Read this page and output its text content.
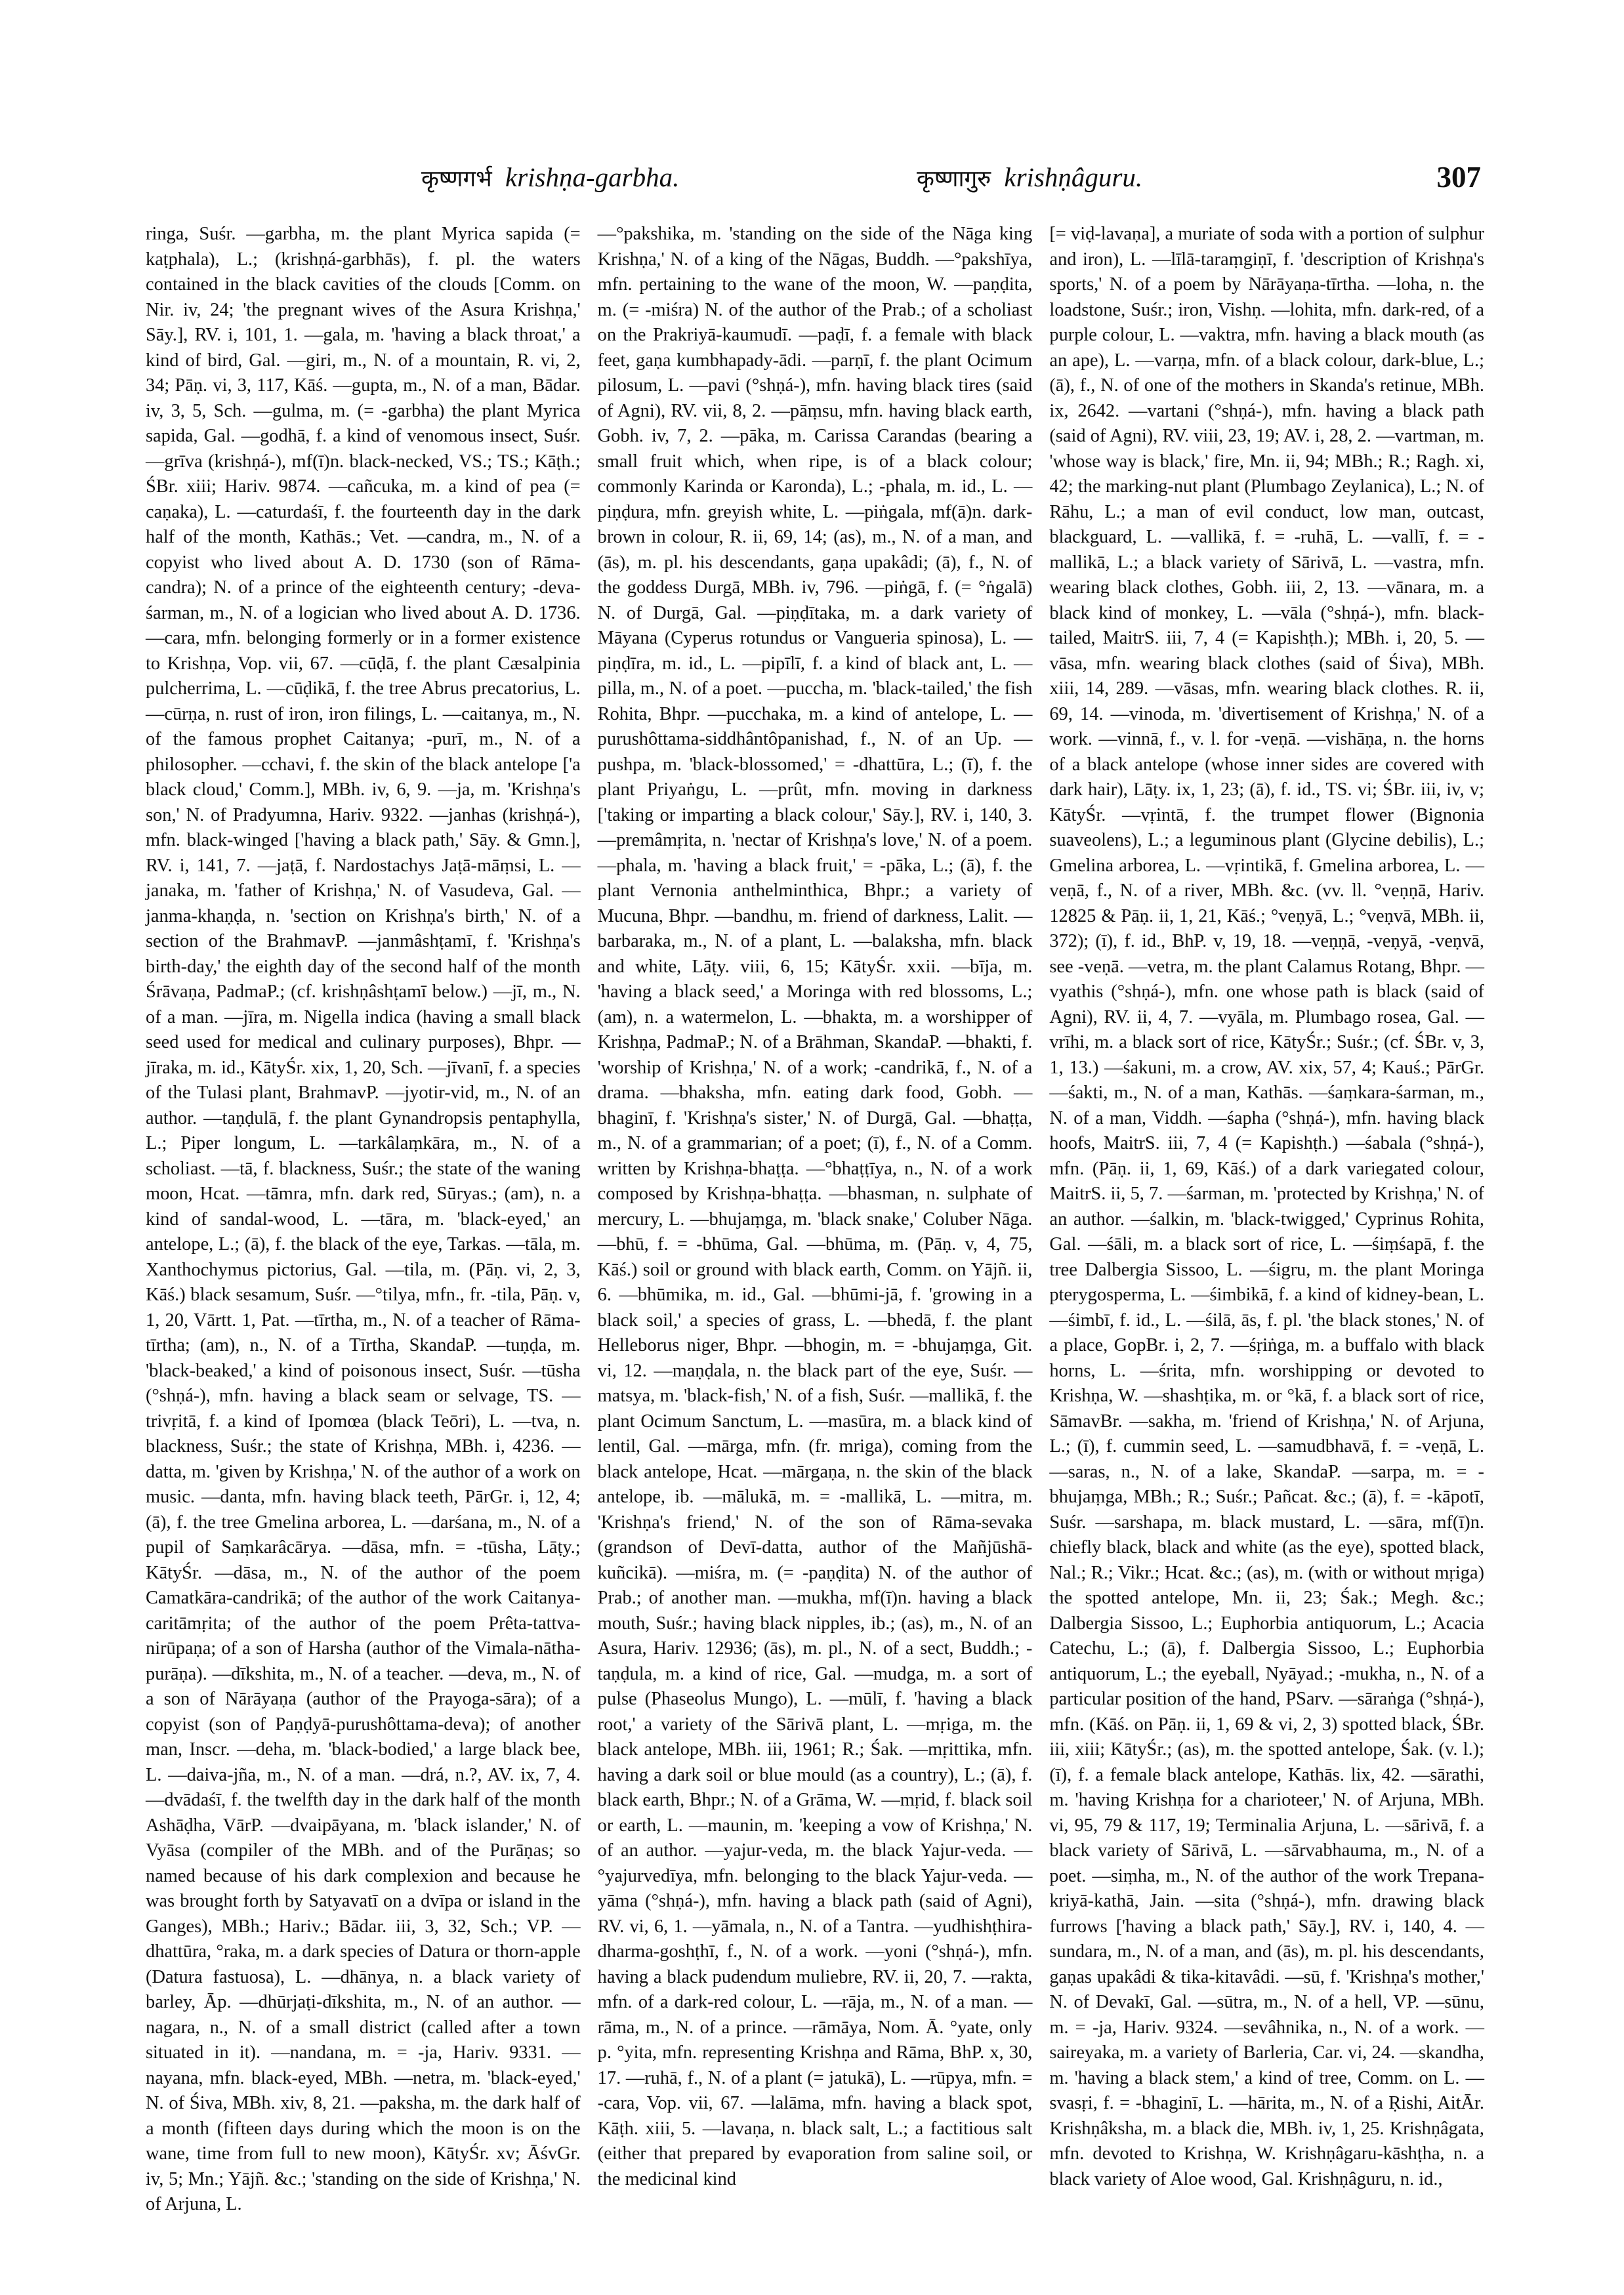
कृष्णगर्भ krishṇa-garbha.	कृष्णागुरु krishṇâguru.	307

ringa, Suśr. —garbha, m. the plant Myrica sapida (= kaṭphala), L.; (krishṇá-garbhās), f. pl. the waters contained in the black cavities of the clouds [Comm. on Nir. iv, 24; 'the pregnant wives of the Asura Krishṇa,' Sāy.], RV. i, 101, 1. —gala, m. 'having a black throat,' a kind of bird, Gal. —giri, m., N. of a mountain, R. vi, 2, 34; Pāṇ. vi, 3, 117, Kāś. —gupta, m., N. of a man, Bādar. iv, 3, 5, Sch. —gulma, m. (= -garbha) the plant Myrica sapida, Gal. —godhā, f. a kind of venomous insect, Suśr. —grīva (krishṇá-), mf(ī)n. black-necked, VS.; TS.; Kāṭh.; ŚBr. xiii; Hariv. 9874. —cañcuka, m. a kind of pea (= caṇaka), L. —caturdaśī, f. the fourteenth day in the dark half of the month, Kathās.; Vet. —candra, m., N. of a copyist who lived about A. D. 1730 (son of Rāma-candra); N. of a prince of the eighteenth century; -deva-śarman, m., N. of a logician who lived about A. D. 1736. —cara, mfn. belonging formerly or in a former existence to Krishṇa, Vop. vii, 67. —cūḍā, f. the plant Cæsalpinia pulcherrima, L. —cūḍikā, f. the tree Abrus precatorius, L. —cūrṇa, n. rust of iron, iron filings, L. —caitanya, m., N. of the famous prophet Caitanya; -purī, m., N. of a philosopher. —cchavi, f. the skin of the black antelope ['a black cloud,' Comm.], MBh. iv, 6, 9. —ja, m. 'Krishṇa's son,' N. of Pradyumna, Hariv. 9322. —janhas (krishṇá-), mfn. black-winged ['having a black path,' Sāy. & Gmn.], RV. i, 141, 7. —jaṭā, f. Nardostachys Jaṭā-māṃsi, L. —janaka, m. 'father of Krishṇa,' N. of Vasudeva, Gal. —janma-khaṇḍa, n. 'section on Krishṇa's birth,' N. of a section of the BrahmavP. —janmâshṭamī, f. 'Krishṇa's birth-day,' the eighth day of the second half of the month Śrāvaṇa, PadmaP.; (cf. krishṇâshṭamī below.) —jī, m., N. of a man. —jīra, m. Nigella indica (having a small black seed used for medical and culinary purposes), Bhpr. —jīraka, m. id., KātyŚr. xix, 1, 20, Sch. —jīvanī, f. a species of the Tulasi plant, BrahmavP. —jyotir-vid, m., N. of an author. —taṇḍulā, f. the plant Gynandropsis pentaphylla, L.; Piper longum, L. —tarkâlaṃkāra, m., N. of a scholiast. —tā, f. blackness, Suśr.; the state of the waning moon, Hcat. —tāmra, mfn. dark red, Sūryas.; (am), n. a kind of sandal-wood, L. —tāra, m. 'black-eyed,' an antelope, L.; (ā), f. the black of the eye, Tarkas. —tāla, m. Xanthochymus pictorius, Gal. —tila, m. (Pāṇ. vi, 2, 3, Kāś.) black sesamum, Suśr. —°tilya, mfn., fr. -tila, Pāṇ. v, 1, 20, Vārtt. 1, Pat. —tīrtha, m., N. of a teacher of Rāma-tīrtha; (am), n., N. of a Tīrtha, SkandaP. —tuṇḍa, m. 'black-beaked,' a kind of poisonous insect, Suśr. —tūsha (°shṇá-), mfn. having a black seam or selvage, TS. —trivṛitā, f. a kind of Ipomœa (black Teōri), L. —tva, n. blackness, Suśr.; the state of Krishṇa, MBh. i, 4236. —datta, m. 'given by Krishṇa,' N. of the author of a work on music. —danta, mfn. having black teeth, PārGr. i, 12, 4; (ā), f. the tree Gmelina arborea, L. —darśana, m., N. of a pupil of Saṃkarâcārya. —dāsa, mfn. = -tūsha, Lāṭy.; KātyŚr. —dāsa, m., N. of the author of the poem Camatkāra-candrikā; of the author of the work Caitanya-caritāmṛita; of the author of the poem Prêta-tattva-nirūpaṇa; of a son of Harsha (author of the Vimala-nātha-purāṇa). —dīkshita, m., N. of a teacher. —deva, m., N. of a son of Nārāyaṇa (author of the Prayoga-sāra); of a copyist (son of Paṇḍyā-purushôttama-deva); of another man, Inscr. —deha, m. 'black-bodied,' a large black bee, L. —daiva-jña, m., N. of a man. —drá, n.?, AV. ix, 7, 4. —dvādaśī, f. the twelfth day in the dark half of the month Ashāḍha, VārP. —dvaipāyana, m. 'black islander,' N. of Vyāsa (compiler of the MBh. and of the Purāṇas; so named because of his dark complexion and because he was brought forth by Satyavatī on a dvīpa or island in the Ganges), MBh.; Hariv.; Bādar. iii, 3, 32, Sch.; VP. —dhattūra, °raka, m. a dark species of Datura or thorn-apple (Datura fastuosa), L. —dhānya, n. a black variety of barley, Āp. —dhūrjaṭi-dīkshita, m., N. of an author. —nagara, n., N. of a small district (called after a town situated in it). —nandana, m. = -ja, Hariv. 9331. —nayana, mfn. black-eyed, MBh. —netra, m. 'black-eyed,' N. of Śiva, MBh. xiv, 8, 21. —paksha, m. the dark half of a month (fifteen days during which the moon is on the wane, time from full to new moon), KātyŚr. xv; ĀśvGr. iv, 5; Mn.; Yājñ. &c.; 'standing on the side of Krishṇa,' N. of Arjuna, L.

—°pakshika, m. 'standing on the side of the Nāga king Krishṇa,' N. of a king of the Nāgas, Buddh. —°pakshīya, mfn. pertaining to the wane of the moon, W. —paṇḍita, m. (= -miśra) N. of the author of the Prab.; of a scholiast on the Prakriyā-kaumudī. —paḍī, f. a female with black feet, gaṇa kumbhapady-ādi. —parṇī, f. the plant Ocimum pilosum, L. —pavi (°shṇá-), mfn. having black tires (said of Agni), RV. vii, 8, 2. —pāṃsu, mfn. having black earth, Gobh. iv, 7, 2. —pāka, m. Carissa Carandas (bearing a small fruit which, when ripe, is of a black colour; commonly Karinda or Karonda), L.; -phala, m. id., L. —piṇḍura, mfn. greyish white, L. —piṅgala, mf(ā)n. dark-brown in colour, R. ii, 69, 14; (as), m., N. of a man, and (ās), m. pl. his descendants, gaṇa upakâdi; (ā), f., N. of the goddess Durgā, MBh. iv, 796. —piṅgā, f. (= °ṅgalā) N. of Durgā, Gal. —piṇḍītaka, m. a dark variety of Māyana (Cyperus rotundus or Vangueria spinosa), L. —piṇḍīra, m. id., L. —pipīlī, f. a kind of black ant, L. —pilla, m., N. of a poet. —puccha, m. 'black-tailed,' the fish Rohita, Bhpr. —pucchaka, m. a kind of antelope, L. —purushôttama-siddhântôpanishad, f., N. of an Up. —pushpa, m. 'black-blossomed,' = -dhattūra, L.; (ī), f. the plant Priyaṅgu, L. —prût, mfn. moving in darkness ['taking or imparting a black colour,' Sāy.], RV. i, 140, 3. —premâmṛita, n. 'nectar of Krishṇa's love,' N. of a poem. —phala, m. 'having a black fruit,' = -pāka, L.; (ā), f. the plant Vernonia anthelminthica, Bhpr.; a variety of Mucuna, Bhpr. —bandhu, m. friend of darkness, Lalit. —barbaraka, m., N. of a plant, L. —balaksha, mfn. black and white, Lāṭy. viii, 6, 15; KātyŚr. xxii. —bīja, m. 'having a black seed,' a Moringa with red blossoms, L.; (am), n. a watermelon, L. —bhakta, m. a worshipper of Krishṇa, PadmaP.; N. of a Brāhman, SkandaP. —bhakti, f. 'worship of Krishṇa,' N. of a work; -candrikā, f., N. of a drama. —bhaksha, mfn. eating dark food, Gobh. —bhaginī, f. 'Krishṇa's sister,' N. of Durgā, Gal. —bhaṭṭa, m., N. of a grammarian; of a poet; (ī), f., N. of a Comm. written by Krishṇa-bhaṭṭa. —°bhaṭṭīya, n., N. of a work composed by Krishṇa-bhaṭṭa. —bhasman, n. sulphate of mercury, L. —bhujaṃga, m. 'black snake,' Coluber Nāga. —bhū, f. = -bhūma, Gal. —bhūma, m. (Pāṇ. v, 4, 75, Kāś.) soil or ground with black earth, Comm. on Yājñ. ii, 6. —bhūmika, m. id., Gal. —bhūmi-jā, f. 'growing in a black soil,' a species of grass, L. —bhedā, f. the plant Helleborus niger, Bhpr. —bhogin, m. = -bhujaṃga, Git. vi, 12. —maṇḍala, n. the black part of the eye, Suśr. —matsya, m. 'black-fish,' N. of a fish, Suśr. —mallikā, f. the plant Ocimum Sanctum, L. —masūra, m. a black kind of lentil, Gal. —mārga, mfn. (fr. mriga), coming from the black antelope, Hcat. —mārgaṇa, n. the skin of the black antelope, ib. —mālukā, m. = -mallikā, L. —mitra, m. 'Krishṇa's friend,' N. of the son of Rāma-sevaka (grandson of Devī-datta, author of the Mañjūshā-kuñcikā). —miśra, m. (= -paṇḍita) N. of the author of Prab.; of another man. —mukha, mf(ī)n. having a black mouth, Suśr.; having black nipples, ib.; (as), m., N. of an Asura, Hariv. 12936; (ās), m. pl., N. of a sect, Buddh.; -taṇḍula, m. a kind of rice, Gal. —mudga, m. a sort of pulse (Phaseolus Mungo), L. —mūlī, f. 'having a black root,' a variety of the Sārivā plant, L. —mṛiga, m. the black antelope, MBh. iii, 1961; R.; Śak. —mṛittika, mfn. having a dark soil or blue mould (as a country), L.; (ā), f. black earth, Bhpr.; N. of a Grāma, W. —mṛid, f. black soil or earth, L. —maunin, m. 'keeping a vow of Krishṇa,' N. of an author. —yajur-veda, m. the black Yajur-veda. —°yajurvedīya, mfn. belonging to the black Yajur-veda. —yāma (°shṇá-), mfn. having a black path (said of Agni), RV. vi, 6, 1. —yāmala, n., N. of a Tantra. —yudhishṭhira-dharma-goshṭhī, f., N. of a work. —yoni (°shṇá-), mfn. having a black pudendum muliebre, RV. ii, 20, 7. —rakta, mfn. of a dark-red colour, L. —rāja, m., N. of a man. —rāma, m., N. of a prince. —rāmāya, Nom. Ā. °yate, only p. °yita, mfn. representing Krishṇa and Rāma, BhP. x, 30, 17. —ruhā, f., N. of a plant (= jatukā), L. —rūpya, mfn. = -cara, Vop. vii, 67. —lalāma, mfn. having a black spot, Kāṭh. xiii, 5. —lavaṇa, n. black salt, L.; a factitious salt (either that prepared by evaporation from saline soil, or the medicinal kind

[= viḍ-lavaṇa], a muriate of soda with a portion of sulphur and iron), L. —līlā-taraṃgiṇī, f. 'description of Krishṇa's sports,' N. of a poem by Nārāyaṇa-tīrtha. —loha, n. the loadstone, Suśr.; iron, Vishṇ. —lohita, mfn. dark-red, of a purple colour, L. —vaktra, mfn. having a black mouth (as an ape), L. —varṇa, mfn. of a black colour, dark-blue, L.; (ā), f., N. of one of the mothers in Skanda's retinue, MBh. ix, 2642. —vartani (°shṇá-), mfn. having a black path (said of Agni), RV. viii, 23, 19; AV. i, 28, 2. —vartman, m. 'whose way is black,' fire, Mn. ii, 94; MBh.; R.; Ragh. xi, 42; the marking-nut plant (Plumbago Zeylanica), L.; N. of Rāhu, L.; a man of evil conduct, low man, outcast, blackguard, L. —vallikā, f. = -ruhā, L. —vallī, f. = -mallikā, L.; a black variety of Sārivā, L. —vastra, mfn. wearing black clothes, Gobh. iii, 2, 13. —vānara, m. a black kind of monkey, L. —vāla (°shṇá-), mfn. black-tailed, MaitrS. iii, 7, 4 (= Kapishṭh.); MBh. i, 20, 5. —vāsa, mfn. wearing black clothes (said of Śiva), MBh. xiii, 14, 289. —vāsas, mfn. wearing black clothes. R. ii, 69, 14. —vinoda, m. 'divertisement of Krishṇa,' N. of a work. —vinnā, f., v. l. for -veṇā. —vishāṇa, n. the horns of a black antelope (whose inner sides are covered with dark hair), Lāṭy. ix, 1, 23; (ā), f. id., TS. vi; ŚBr. iii, iv, v; KātyŚr. —vṛintā, f. the trumpet flower (Bignonia suaveolens), L.; a leguminous plant (Glycine debilis), L.; Gmelina arborea, L. —vṛintikā, f. Gmelina arborea, L. —veṇā, f., N. of a river, MBh. &c. (vv. ll. °veṇṇā, Hariv. 12825 & Pāṇ. ii, 1, 21, Kāś.; °veṇyā, L.; °veṇvā, MBh. ii, 372); (ī), f. id., BhP. v, 19, 18. —veṇṇā, -veṇyā, -veṇvā, see -veṇā. —vetra, m. the plant Calamus Rotang, Bhpr. —vyathis (°shṇá-), mfn. one whose path is black (said of Agni), RV. ii, 4, 7. —vyāla, m. Plumbago rosea, Gal. —vrīhi, m. a black sort of rice, KātyŚr.; Suśr.; (cf. ŚBr. v, 3, 1, 13.) —śakuni, m. a crow, AV. xix, 57, 4; Kauś.; PārGr. —śakti, m., N. of a man, Kathās. —śaṃkara-śarman, m., N. of a man, Viddh. —śapha (°shṇá-), mfn. having black hoofs, MaitrS. iii, 7, 4 (= Kapishṭh.) —śabala (°shṇá-), mfn. (Pāṇ. ii, 1, 69, Kāś.) of a dark variegated colour, MaitrS. ii, 5, 7. —śarman, m. 'protected by Krishṇa,' N. of an author. —śalkin, m. 'black-twigged,' Cyprinus Rohita, Gal. —śāli, m. a black sort of rice, L. —śiṃśapā, f. the tree Dalbergia Sissoo, L. —śigru, m. the plant Moringa pterygosperma, L. —śimbikā, f. a kind of kidney-bean, L. —śimbī, f. id., L. —śilā, ās, f. pl. 'the black stones,' N. of a place, GopBr. i, 2, 7. —śṛiṅga, m. a buffalo with black horns, L. —śrita, mfn. worshipping or devoted to Krishṇa, W. —shashṭika, m. or °kā, f. a black sort of rice, SāmavBr. —sakha, m. 'friend of Krishṇa,' N. of Arjuna, L.; (ī), f. cummin seed, L. —samudbhavā, f. = -veṇā, L. —saras, n., N. of a lake, SkandaP. —sarpa, m. = -bhujaṃga, MBh.; R.; Suśr.; Pañcat. &c.; (ā), f. = -kāpotī, Suśr. —sarshapa, m. black mustard, L. —sāra, mf(ī)n. chiefly black, black and white (as the eye), spotted black, Nal.; R.; Vikr.; Hcat. &c.; (as), m. (with or without mṛiga) the spotted antelope, Mn. ii, 23; Śak.; Megh. &c.; Dalbergia Sissoo, L.; Euphorbia antiquorum, L.; Acacia Catechu, L.; (ā), f. Dalbergia Sissoo, L.; Euphorbia antiquorum, L.; the eyeball, Nyāyad.; -mukha, n., N. of a particular position of the hand, PSarv. —sāraṅga (°shṇá-), mfn. (Kāś. on Pāṇ. ii, 1, 69 & vi, 2, 3) spotted black, ŚBr. iii, xiii; KātyŚr.; (as), m. the spotted antelope, Śak. (v. l.); (ī), f. a female black antelope, Kathās. lix, 42. —sārathi, m. 'having Krishṇa for a charioteer,' N. of Arjuna, MBh. vi, 95, 79 & 117, 19; Terminalia Arjuna, L. —sārivā, f. a black variety of Sārivā, L. —sārvabhauma, m., N. of a poet. —siṃha, m., N. of the author of the work Trepana-kriyā-kathā, Jain. —sita (°shṇá-), mfn. drawing black furrows ['having a black path,' Sāy.], RV. i, 140, 4. —sundara, m., N. of a man, and (ās), m. pl. his descendants, gaṇas upakâdi & tika-kitavâdi. —sū, f. 'Krishṇa's mother,' N. of Devakī, Gal. —sūtra, m., N. of a hell, VP. —sūnu, m. = -ja, Hariv. 9324. —sevâhnika, n., N. of a work. —saireyaka, m. a variety of Barleria, Car. vi, 24. —skandha, m. 'having a black stem,' a kind of tree, Comm. on L. —svasṛi, f. = -bhaginī, L. —hārita, m., N. of a Ṛishi, AitĀr. Krishṇâksha, m. a black die, MBh. iv, 1, 25. Krishṇâgata, mfn. devoted to Krishṇa, W. Krishṇâgaru-kāshṭha, n. a black variety of Aloe wood, Gal. Krishṇâguru, n. id.,
